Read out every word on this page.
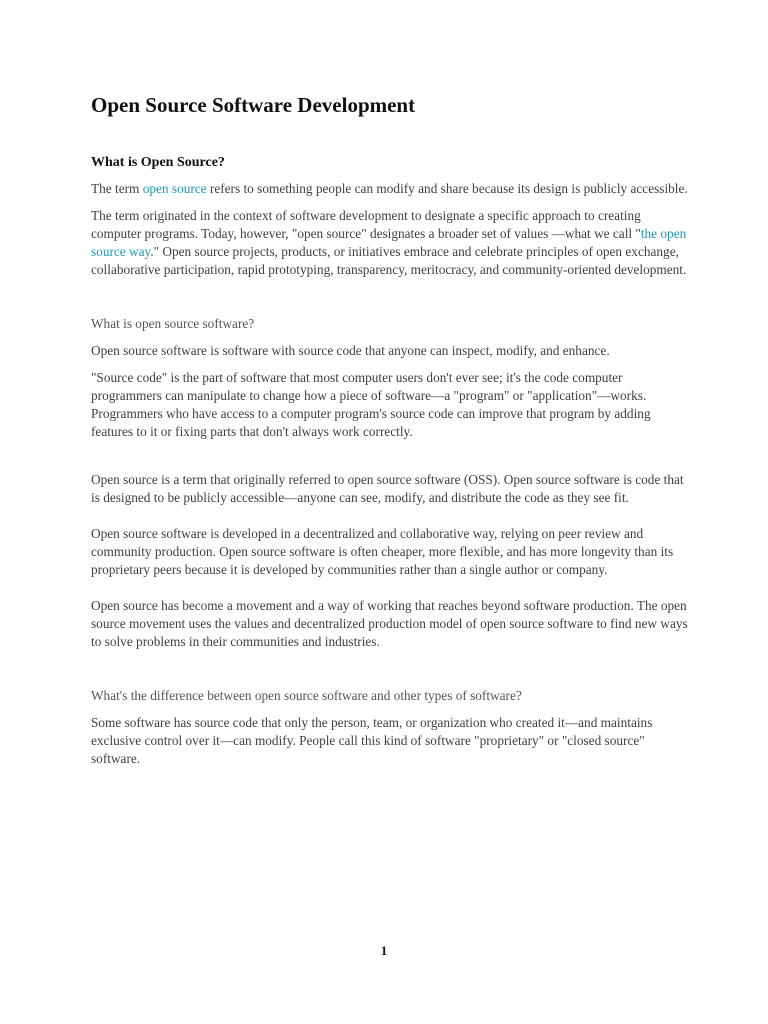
Open Source Software Development
What is Open Source?

The term open source refers to something people can modify and share because its design is publicly accessible.

The term originated in the context of software development to designate a specific approach to creating computer programs. Today, however, "open source" designates a broader set of values —what we call "the open source way." Open source projects, products, or initiatives embrace and celebrate principles of open exchange, collaborative participation, rapid prototyping, transparency, meritocracy, and community-oriented development.

What is open source software?

Open source software is software with source code that anyone can inspect, modify, and enhance.

"Source code" is the part of software that most computer users don't ever see; it's the code computer programmers can manipulate to change how a piece of software—a "program" or "application"—works. Programmers who have access to a computer program's source code can improve that program by adding features to it or fixing parts that don't always work correctly.

Open source is a term that originally referred to open source software (OSS). Open source software is code that is designed to be publicly accessible—anyone can see, modify, and distribute the code as they see fit.

Open source software is developed in a decentralized and collaborative way, relying on peer review and community production. Open source software is often cheaper, more flexible, and has more longevity than its proprietary peers because it is developed by communities rather than a single author or company.

Open source has become a movement and a way of working that reaches beyond software production. The open source movement uses the values and decentralized production model of open source software to find new ways to solve problems in their communities and industries.

What's the difference between open source software and other types of software?

Some software has source code that only the person, team, or organization who created it—and maintains exclusive control over it—can modify. People call this kind of software "proprietary" or "closed source" software.

1
